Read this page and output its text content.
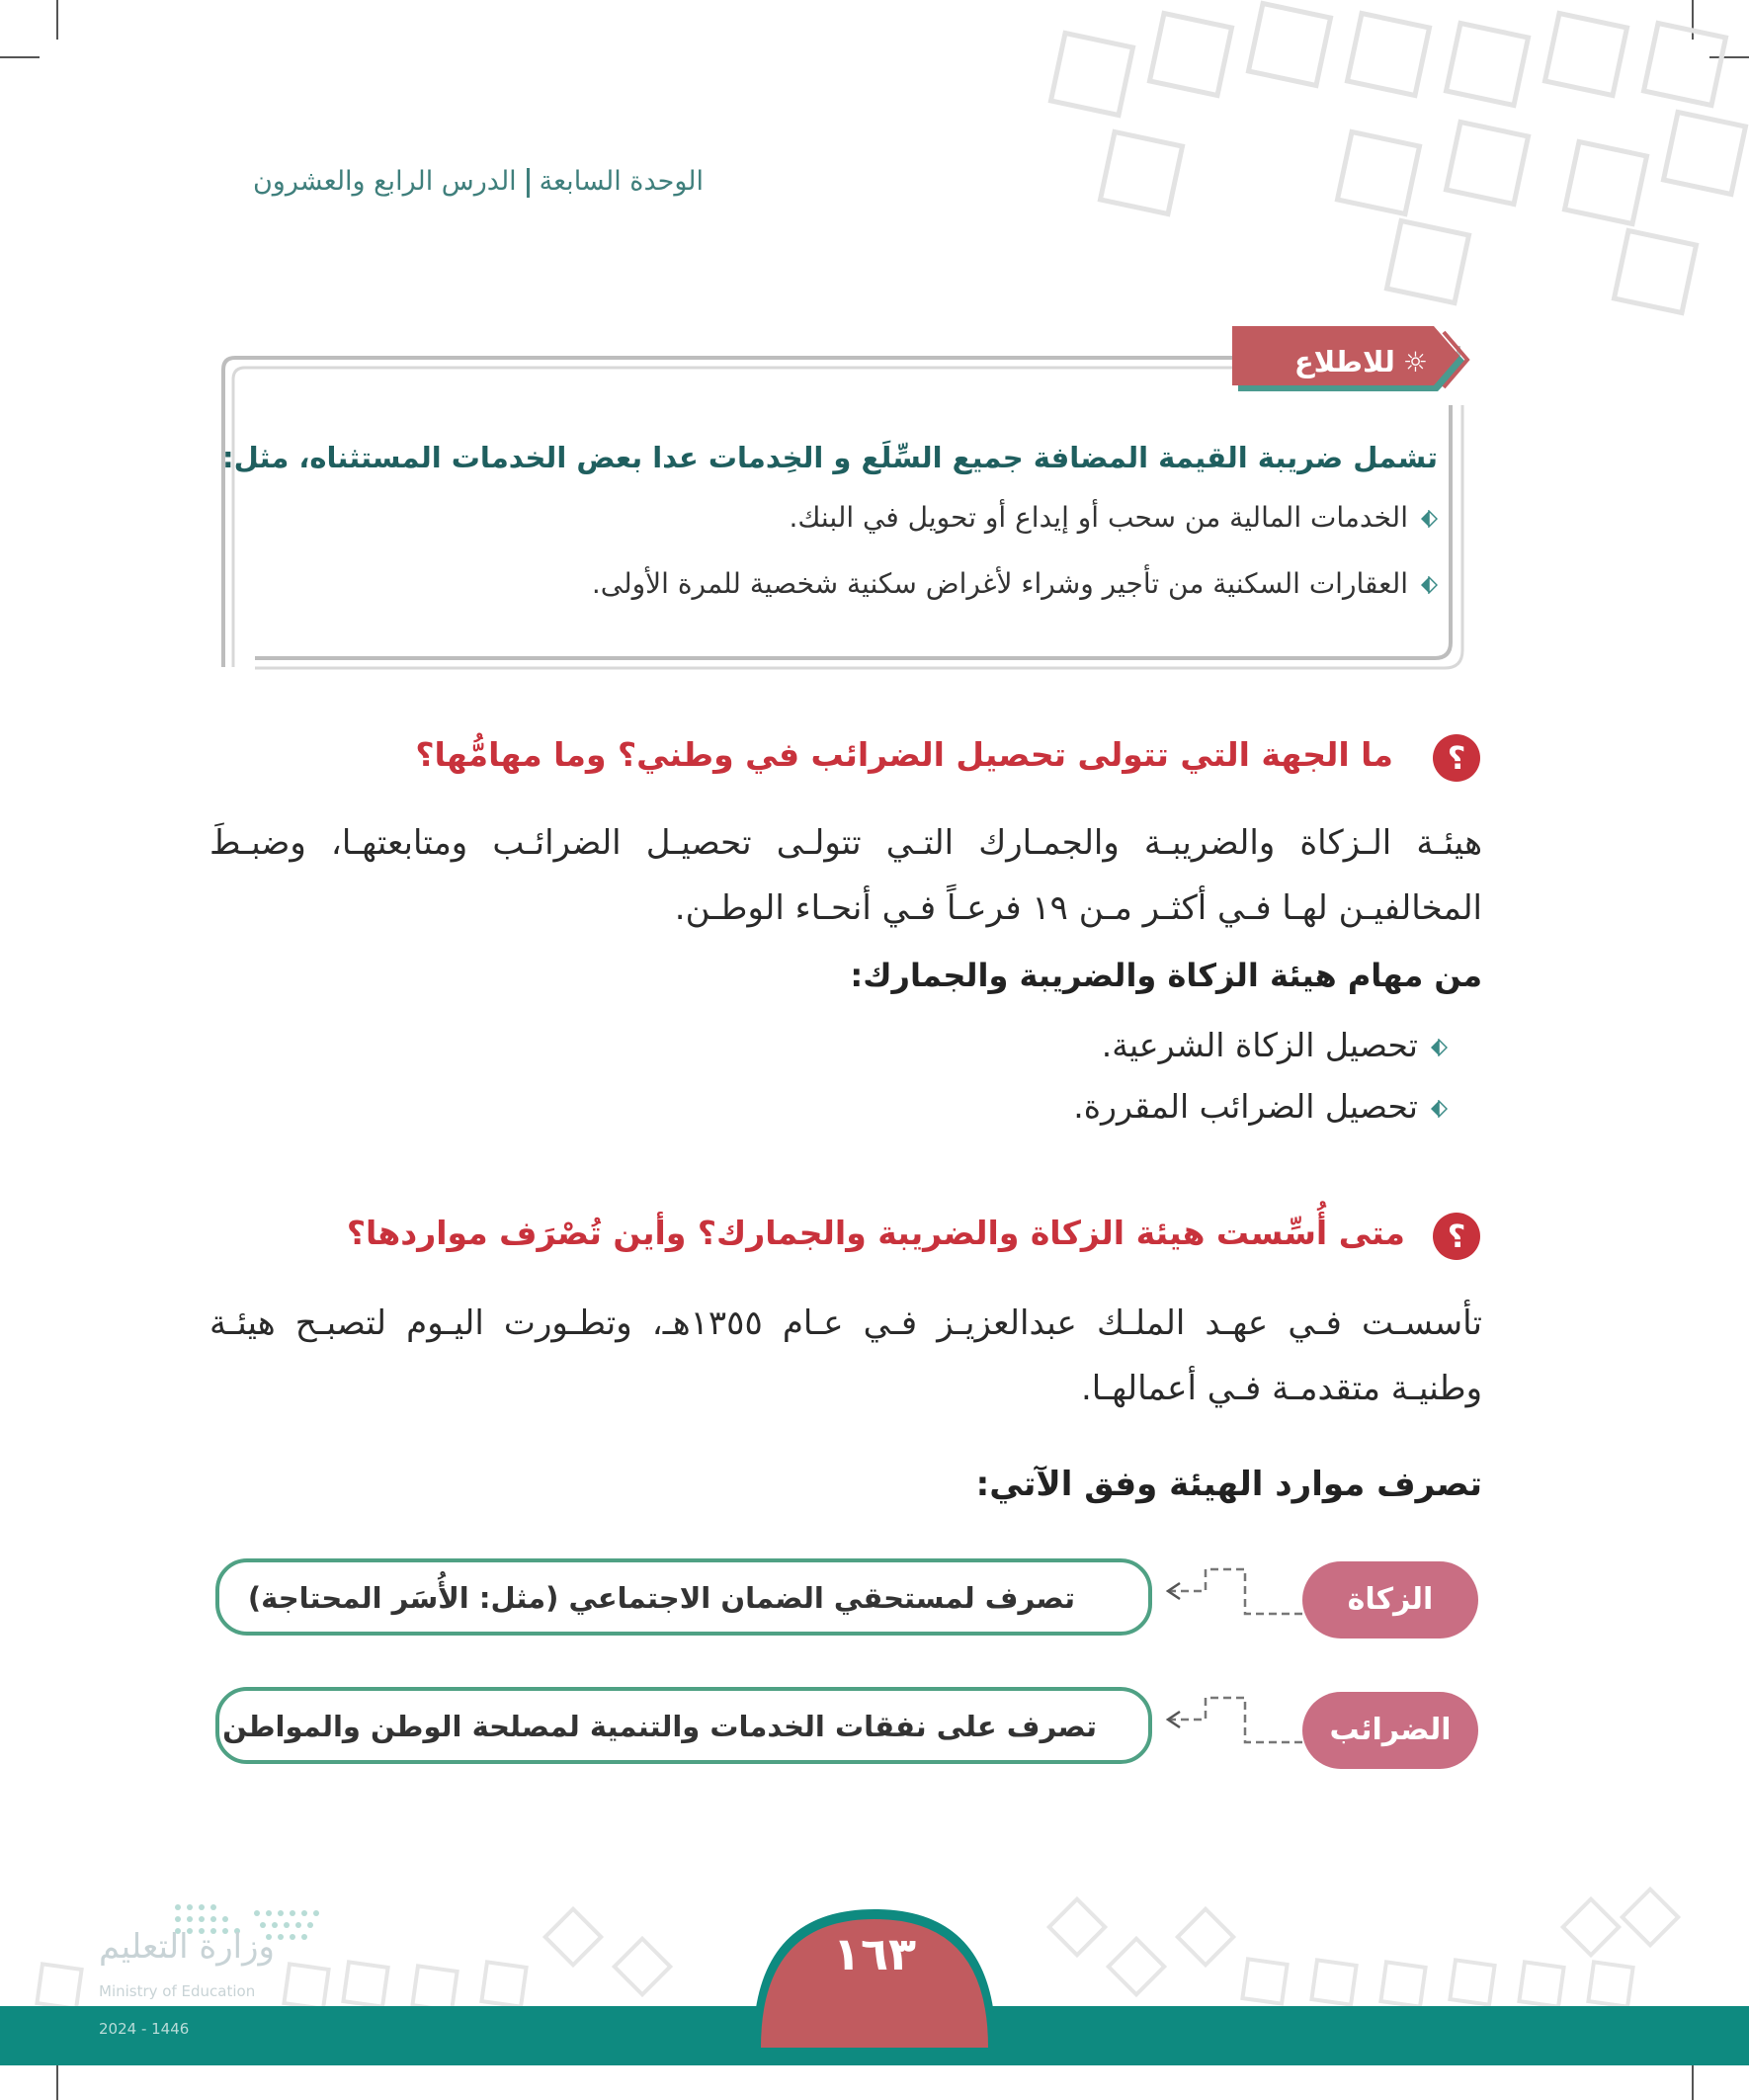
الوحدة السابعةالدرس الرابع والعشرون
☼للاطلاع
تشمل ضريبة القيمة المضافة جميع السِّلَع و الخِدمات عدا بعض الخدمات المستثناه، مثل:
الخدمات المالية من سحب أو إيداع أو تحويل في البنك.
العقارات السكنية من تأجير وشراء لأغراض سكنية شخصية للمرة الأولى.
؟
ما الجهة التي تتولى تحصيل الضرائب في وطني؟ وما مهامُّها؟
هيئـة الـزكاة والضريبـة والجمـارك التـي تتولـى تحصيـل الضرائـب ومتابعتهـا، وضبـطَ المخالفيـن لهـا فـي أكثـر مـن ١٩ فرعـاً فـي أنحـاء الوطـن.
من مهام هيئة الزكاة والضريبة والجمارك:
تحصيل الزكاة الشرعية.
تحصيل الضرائب المقررة.
؟
متى أُسِّست هيئة الزكاة والضريبة والجمارك؟ وأين تُصْرَف مواردها؟
تأسسـت فـي عهـد الملـك عبدالعزيـز فـي عـام ١٣٥٥هـ، وتطـورت اليـوم لتصبـح هيئـة وطنيـة متقدمـة فـي أعمالهـا.
تصرف موارد الهيئة وفق الآتي:
الزكاة
تصرف لمستحقي الضمان الاجتماعي (مثل: الأُسَر المحتاجة)
الضرائب
تصرف على نفقات الخدمات والتنمية لمصلحة الوطن والمواطن
١٦٣
وزارة التعليم
Ministry of Education
2024 - 1446
